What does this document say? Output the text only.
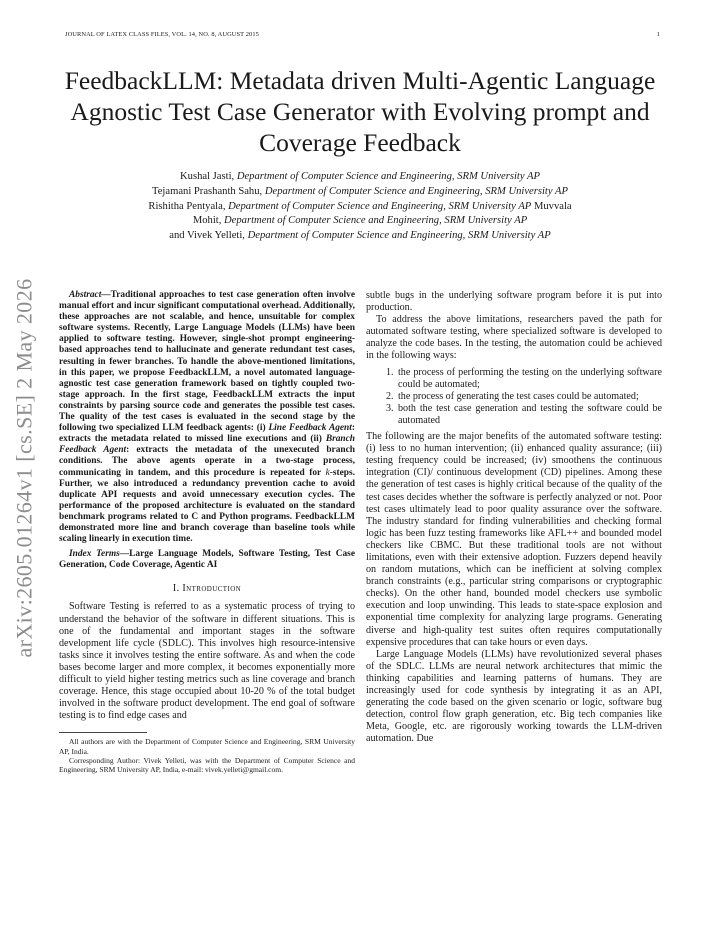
JOURNAL OF LATEX CLASS FILES, VOL. 14, NO. 8, AUGUST 2015	1
FeedbackLLM: Metadata driven Multi-Agentic Language Agnostic Test Case Generator with Evolving prompt and Coverage Feedback
Kushal Jasti, Department of Computer Science and Engineering, SRM University AP
Tejamani Prashanth Sahu, Department of Computer Science and Engineering, SRM University AP
Rishitha Pentyala, Department of Computer Science and Engineering, SRM University AP Muvvala
Mohit, Department of Computer Science and Engineering, SRM University AP
and Vivek Yelleti, Department of Computer Science and Engineering, SRM University AP
arXiv:2605.01264v1 [cs.SE] 2 May 2026	Abstract—Traditional approaches to test case generation often involve manual effort and incur significant computational overhead. Additionally, these approaches are not scalable, and hence, unsuitable for complex software systems. Recently, Large Language Models (LLMs) have been applied to software testing. However, single-shot prompt engineering-based approaches tend to hallucinate and generate redundant test cases, resulting in fewer branches. To handle the above-mentioned limitations, in this paper, we propose FeedbackLLM, a novel automated language-agnostic test case generation framework based on tightly coupled two-stage approach. In the first stage, FeedbackLLM extracts the input constraints by parsing source code and generates the possible test cases. The quality of the test cases is evaluated in the second stage by the following two specialized LLM feedback agents: (i) Line Feedback Agent: extracts the metadata related to missed line executions and (ii) Branch Feedback Agent: extracts the metadata of the unexecuted branch conditions. The above agents operate in a two-stage process, communicating in tandem, and this procedure is repeated for k-steps. Further, we also introduced a redundancy prevention cache to avoid duplicate API requests and avoid unnecessary execution cycles. The performance of the proposed architecture is evaluated on the standard benchmark programs related to C and Python programs. FeedbackLLM demonstrated more line and branch coverage than baseline tools while scaling linearly in execution time.

Index Terms—Large Language Models, Software Testing, Test Case Generation, Code Coverage, Agentic AI

I. Introduction

Software Testing is referred to as a systematic process of trying to understand the behavior of the software in different situations. This is one of the fundamental and important stages in the software development life cycle (SDLC). This involves high resource-intensive tasks since it involves testing the entire software. As and when the code bases become larger and more complex, it becomes exponentially more difficult to yield higher testing metrics such as line coverage and branch coverage. Hence, this stage occupied about 10-20 % of the total budget involved in the software product development. The end goal of software testing is to find edge cases and

All authors are with the Department of Computer Science and Engineering, SRM University AP, India.

Corresponding Author: Vivek Yelleti, was with the Department of Computer Science and Engineering, SRM University AP, India, e-mail: vivek.yelleti@gmail.com.

subtle bugs in the underlying software program before it is put into production.

To address the above limitations, researchers paved the path for automated software testing, where specialized software is developed to analyze the code bases. In the testing, the automation could be achieved in the following ways:

1. the process of performing the testing on the underlying software could be automated;
2. the process of generating the test cases could be automated;
3. both the test case generation and testing the software could be automated

The following are the major benefits of the automated software testing: (i) less to no human intervention; (ii) enhanced quality assurance; (iii) testing frequency could be increased; (iv) smoothens the continuous integration (CI)/ continuous development (CD) pipelines. Among these the generation of test cases is highly critical because of the quality of the test cases decides whether the software is perfectly analyzed or not. Poor test cases ultimately lead to poor quality assurance over the software. The industry standard for finding vulnerabilities and checking formal logic has been fuzz testing frameworks like AFL++ and bounded model checkers like CBMC. But these traditional tools are not without limitations, even with their extensive adoption. Fuzzers depend heavily on random mutations, which can be inefficient at solving complex branch constraints (e.g., particular string comparisons or cryptographic checks). On the other hand, bounded model checkers use symbolic execution and loop unwinding. This leads to state-space explosion and exponential time complexity for analyzing large programs. Generating diverse and high-quality test suites often requires computationally expensive procedures that can take hours or even days.

Large Language Models (LLMs) have revolutionized several phases of the SDLC. LLMs are neural network architectures that mimic the thinking capabilities and learning patterns of humans. They are increasingly used for code synthesis by integrating it as an API, generating the code based on the given scenario or logic, software bug detection, control flow graph generation, etc. Big tech companies like Meta, Google, etc. are rigorously working towards the LLM-driven automation. Due
